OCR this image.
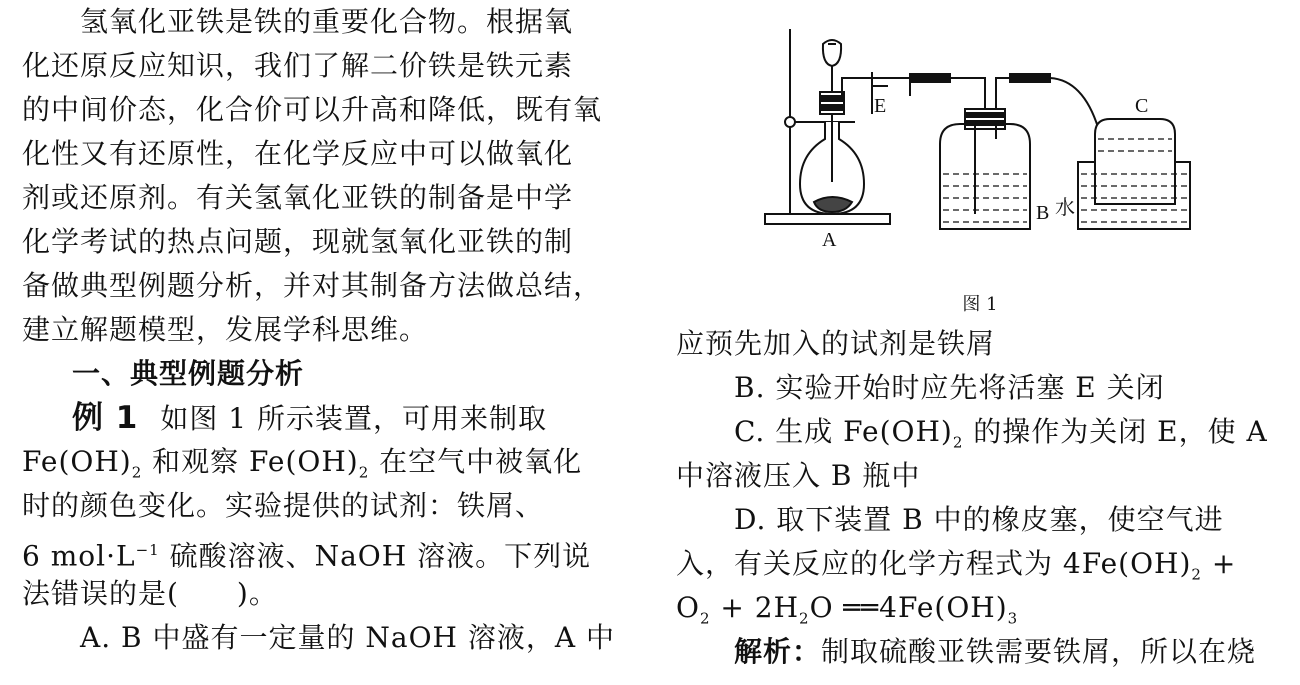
氢氧化亚铁是铁的重要化合物。根据氧
化还原反应知识，我们了解二价铁是铁元素
的中间价态，化合价可以升高和降低，既有氧
化性又有还原性，在化学反应中可以做氧化
剂或还原剂。有关氢氧化亚铁的制备是中学
化学考试的热点问题，现就氢氧化亚铁的制
备做典型例题分析，并对其制备方法做总结，
建立解题模型，发展学科思维。
一、典型例题分析
例 1 如图 1 所示装置，可用来制取
$Fe(OH)_2$ 和观察 $Fe(OH)_2$ 在空气中被氧化
时的颜色变化。实验提供的试剂：铁屑、
6 $mol\cdot L^{-1}$ 硫酸溶液、NaOH 溶液。下列说
法错误的是(　　)。
A. B 中盛有一定量的 NaOH 溶液，A 中
A
E
B
C
水
图 1
应预先加入的试剂是铁屑
B. 实验开始时应先将活塞 E 关闭
C. 生成 $Fe(OH)_2$ 的操作为关闭 E，使 A
中溶液压入 B 瓶中
D. 取下装置 B 中的橡皮塞，使空气进
入，有关反应的化学方程式为 $4Fe(OH)_2$ +
$O_2 + 2H_2O$ $══4Fe(OH)_3$
解析：制取硫酸亚铁需要铁屑，所以在烧
